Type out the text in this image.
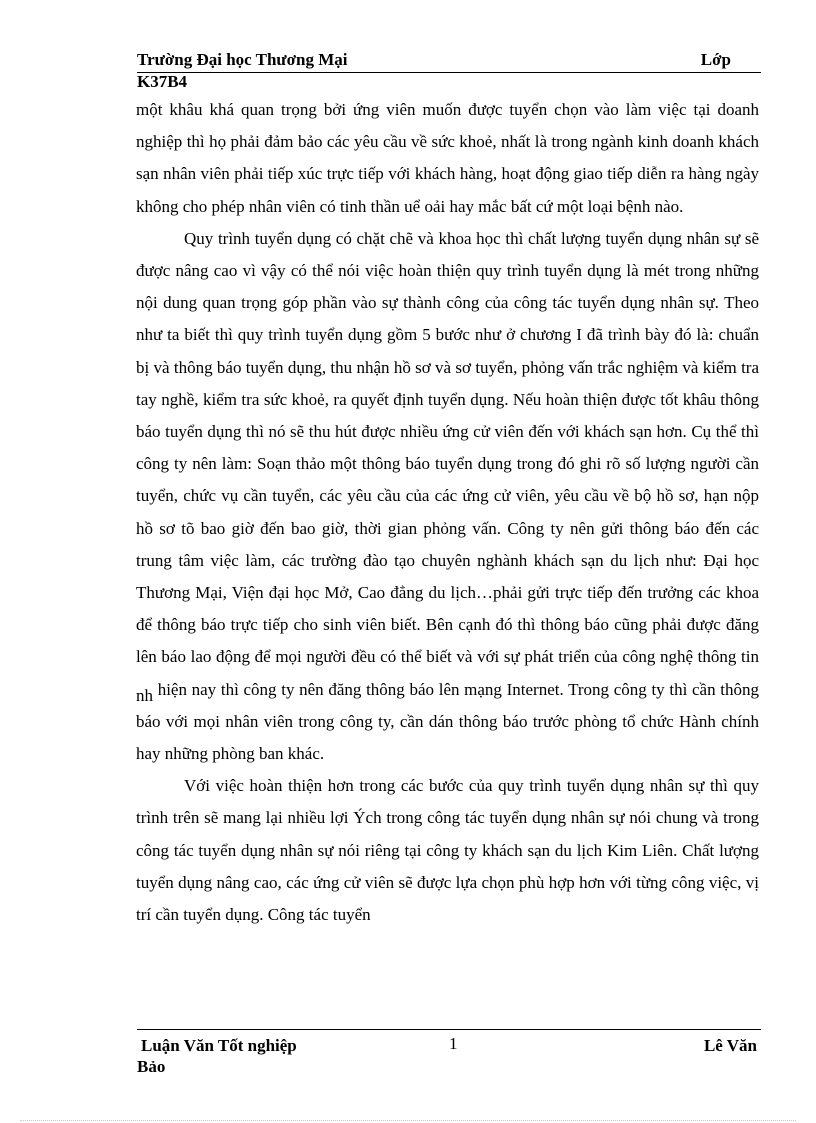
Trường Đại học Thương Mại	Lớp
K37B4

một khâu khá quan trọng bởi ứng viên muốn được tuyển chọn vào làm việc tại doanh nghiệp thì họ phải đảm bảo các yêu cầu về sức khoẻ, nhất là trong ngành kinh doanh khách sạn nhân viên phải tiếp xúc trực tiếp với khách hàng, hoạt động giao tiếp diễn ra hàng ngày không cho phép nhân viên có tinh thần uể oải hay mắc bất cứ một loại bệnh nào.

Quy trình tuyển dụng có chặt chẽ và khoa học thì chất lượng tuyển dụng nhân sự sẽ được nâng cao vì vậy có thể nói việc hoàn thiện quy trình tuyển dụng là mét trong những nội dung quan trọng góp phần vào sự thành công của công tác tuyển dụng nhân sự. Theo như ta biết thì quy trình tuyển dụng gồm 5 bước như ở chương I đã trình bày đó là: chuẩn bị và thông báo tuyển dụng, thu nhận hồ sơ và sơ tuyển, phỏng vấn trắc nghiệm và kiểm tra tay nghề, kiểm tra sức khoẻ, ra quyết định tuyển dụng. Nếu hoàn thiện được tốt khâu thông báo tuyển dụng thì nó sẽ thu hút được nhiều ứng cử viên đến với khách sạn hơn. Cụ thể thì công ty nên làm: Soạn thảo một thông báo tuyển dụng trong đó ghi rõ số lượng người cần tuyển, chức vụ cần tuyển, các yêu cầu của các ứng cử viên, yêu cầu về bộ hồ sơ, hạn nộp hồ sơ tõ bao giờ đến bao giờ, thời gian phỏng vấn. Công ty nên gửi thông báo đến các trung tâm việc làm, các trường đào tạo chuyên nghành khách sạn du lịch như: Đại học Thương Mại, Viện đại học Mở, Cao đẳng du lịch…phải gửi trực tiếp đến trưởng các khoa để thông báo trực tiếp cho sinh viên biết. Bên cạnh đó thì thông báo cũng phải được đăng lên báo lao động để mọi người đều có thể biết và với sự phát triển của công nghệ thông tin nh hiện nay thì công ty nên đăng thông báo lên mạng Internet. Trong công ty thì cần thông báo với mọi nhân viên trong công ty, cần dán thông báo trước phòng tổ chức Hành chính hay những phòng ban khác.

Với việc hoàn thiện hơn trong các bước của quy trình tuyển dụng nhân sự thì quy trình trên sẽ mang lại nhiều lợi Ých trong công tác tuyển dụng nhân sự nói chung và trong công tác tuyển dụng nhân sự nói riêng tại công ty khách sạn du lịch Kim Liên. Chất lượng tuyển dụng nâng cao, các ứng cử viên sẽ được lựa chọn phù hợp hơn với từng công việc, vị trí cần tuyển dụng. Công tác tuyển

Luận Văn Tốt nghiệp	1	Lê Văn
Bảo
